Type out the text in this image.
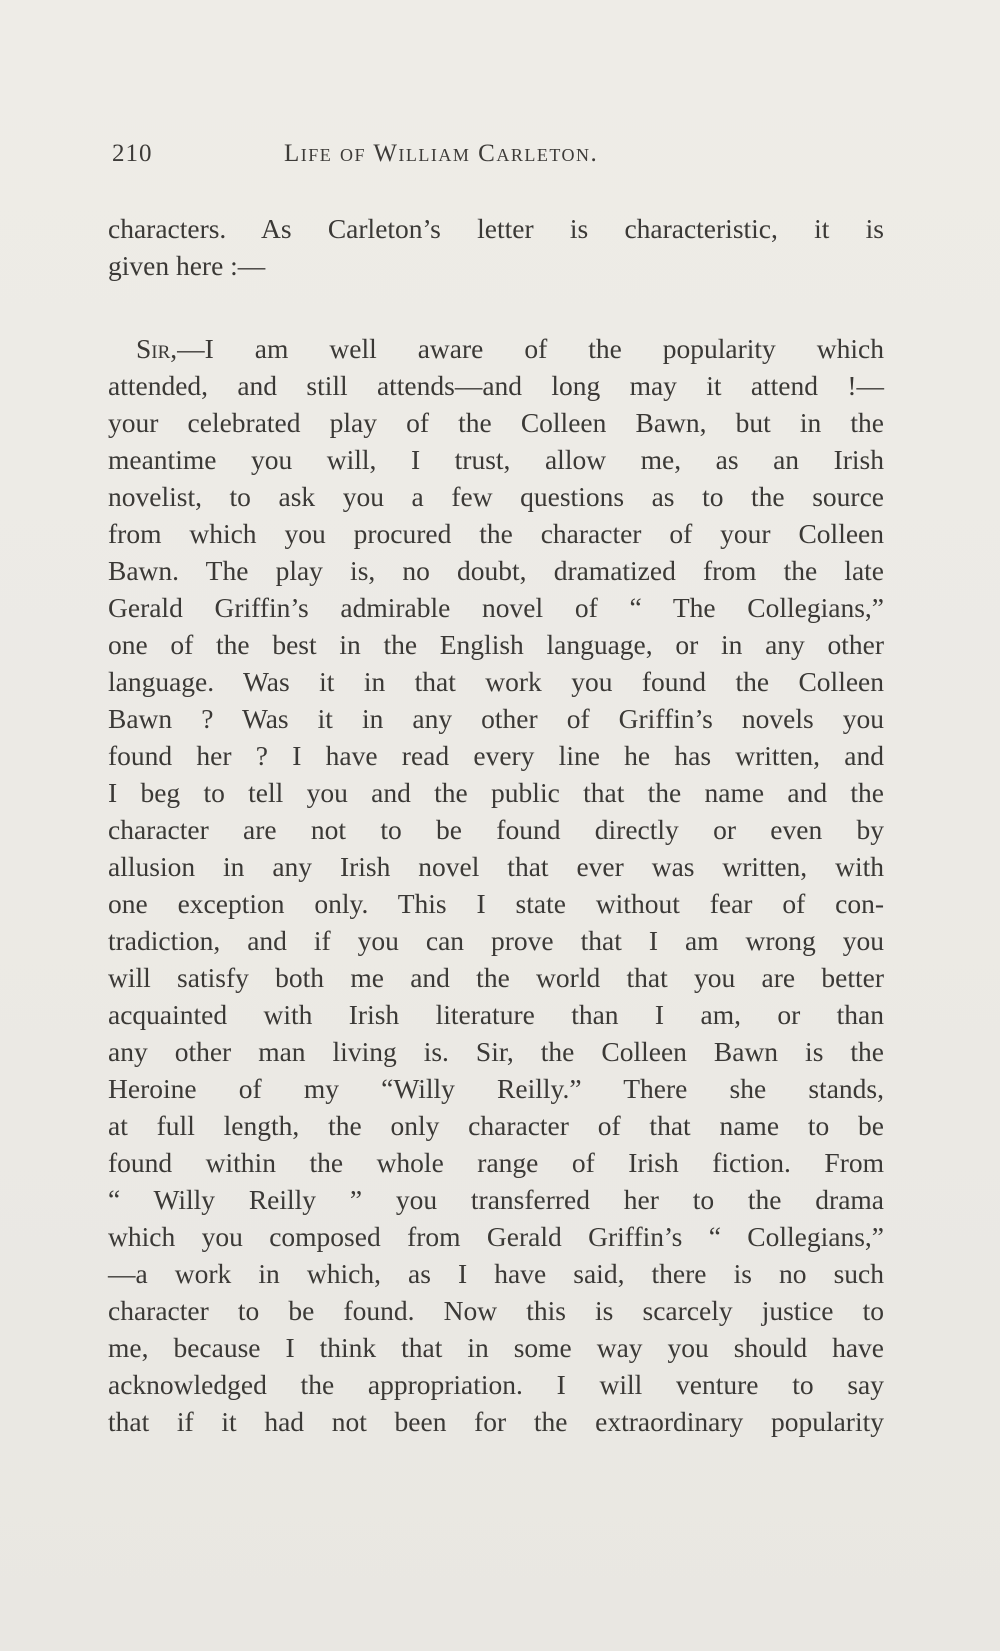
210	Life of William Carleton.
characters. As Carleton’s letter is characteristic, it is
given here :—
Sir,—I am well aware of the popularity which
attended, and still attends—and long may it attend !—
your celebrated play of the Colleen Bawn, but in the
meantime you will, I trust, allow me, as an Irish
novelist, to ask you a few questions as to the source
from which you procured the character of your Colleen
Bawn. The play is, no doubt, dramatized from the late
Gerald Griffin’s admirable novel of “ The Collegians,”
one of the best in the English language, or in any other
language. Was it in that work you found the Colleen
Bawn ? Was it in any other of Griffin’s novels you
found her ? I have read every line he has written, and
I beg to tell you and the public that the name and the
character are not to be found directly or even by
allusion in any Irish novel that ever was written, with
one exception only. This I state without fear of con-
tradiction, and if you can prove that I am wrong you
will satisfy both me and the world that you are better
acquainted with Irish literature than I am, or than
any other man living is. Sir, the Colleen Bawn is the
Heroine of my “Willy Reilly.” There she stands,
at full length, the only character of that name to be
found within the whole range of Irish fiction. From
“ Willy Reilly ” you transferred her to the drama
which you composed from Gerald Griffin’s “ Collegians,”
—a work in which, as I have said, there is no such
character to be found. Now this is scarcely justice to
me, because I think that in some way you should have
acknowledged the appropriation. I will venture to say
that if it had not been for the extraordinary popularity
